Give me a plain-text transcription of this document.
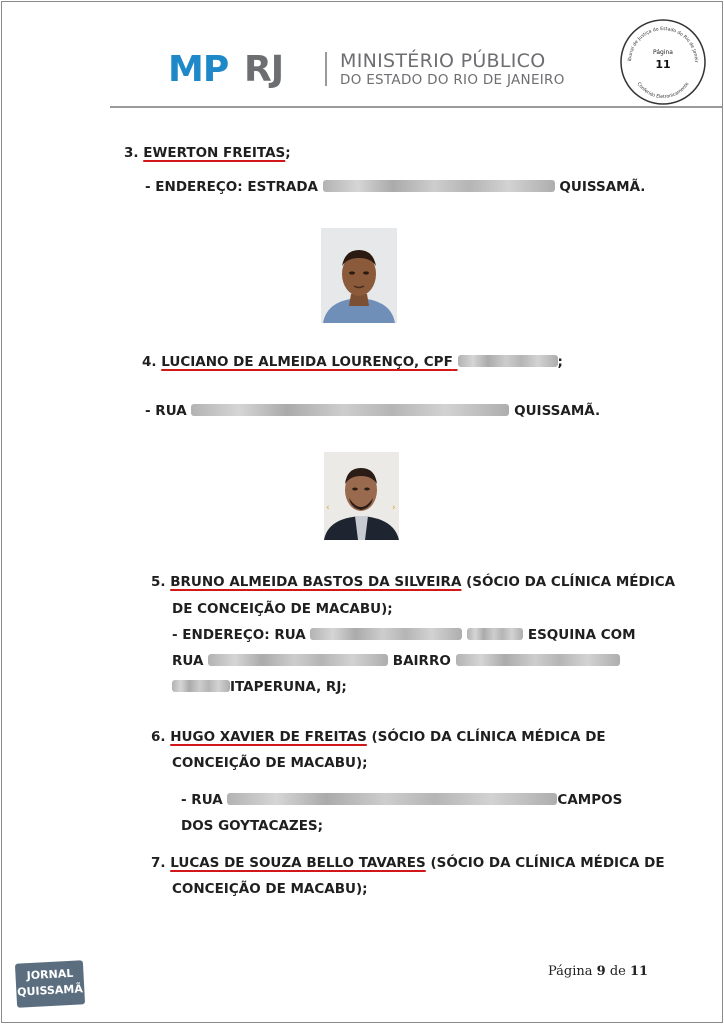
MP RJ	MINISTÉRIO PÚBLICO
DO ESTADO DO RIO DE JANEIRO
ibunal de Justiça do Estado do Rio de Janeir
Conferido Eletronicamente
Página
11
3. EWERTON FREITAS;
- ENDEREÇO: ESTRADA	QUISSAMÃ.
4. LUCIANO DE ALMEIDA LOURENÇO, CPF	;
- RUA	QUISSAMÃ.
‹	›
5. BRUNO ALMEIDA BASTOS DA SILVEIRA (SÓCIO DA CLÍNICA MÉDICA
DE CONCEIÇÃO DE MACABU);
- ENDEREÇO: RUA	ESQUINA COM
RUA	BAIRRO
ITAPERUNA, RJ;
6. HUGO XAVIER DE FREITAS (SÓCIO DA CLÍNICA MÉDICA DE
CONCEIÇÃO DE MACABU);
- RUA	CAMPOS
DOS GOYTACAZES;
7. LUCAS DE SOUZA BELLO TAVARES (SÓCIO DA CLÍNICA MÉDICA DE
CONCEIÇÃO DE MACABU);
Página 9 de 11
JORNAL
QUISSAMÃ
